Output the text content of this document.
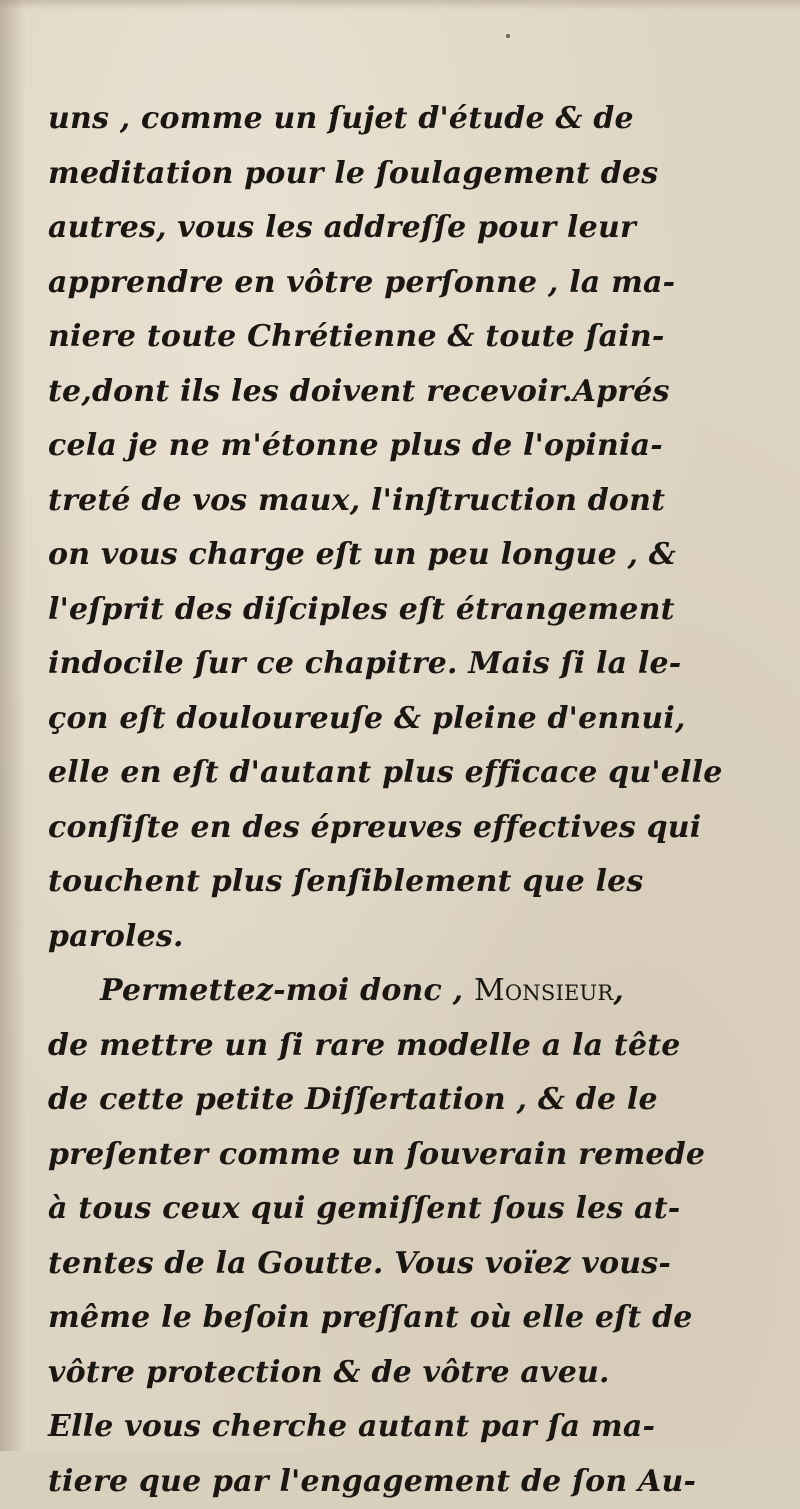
uns , comme un ſujet d'étude & de
meditation pour le ſoulagement des
autres, vous les addreſſe pour leur
apprendre en vôtre perſonne , la ma-
niere toute Chrétienne & toute ſain-
te,dont ils les doivent recevoir.Aprés
cela je ne m'étonne plus de l'opinia-
treté de vos maux, l'inſtruction dont
on vous charge eſt un peu longue , &
l'eſprit des diſciples eſt étrangement
indocile ſur ce chapitre. Mais ſi la le-
çon eſt douloureuſe & pleine d'ennui,
elle en eſt d'autant plus efficace qu'elle
conſiſte en des épreuves effectives qui
touchent plus ſenſiblement que les
paroles.
Permettez-moi donc , Monsieur,
de mettre un ſi rare modelle a la tête
de cette petite Diſſertation , & de le
preſenter comme un ſouverain remede
à tous ceux qui gemiſſent ſous les at-
tentes de la Goutte. Vous voïez vous-
même le beſoin preſſant où elle eſt de
vôtre protection & de vôtre aveu.
Elle vous cherche autant par ſa ma-
tiere que par l'engagement de ſon Au-
